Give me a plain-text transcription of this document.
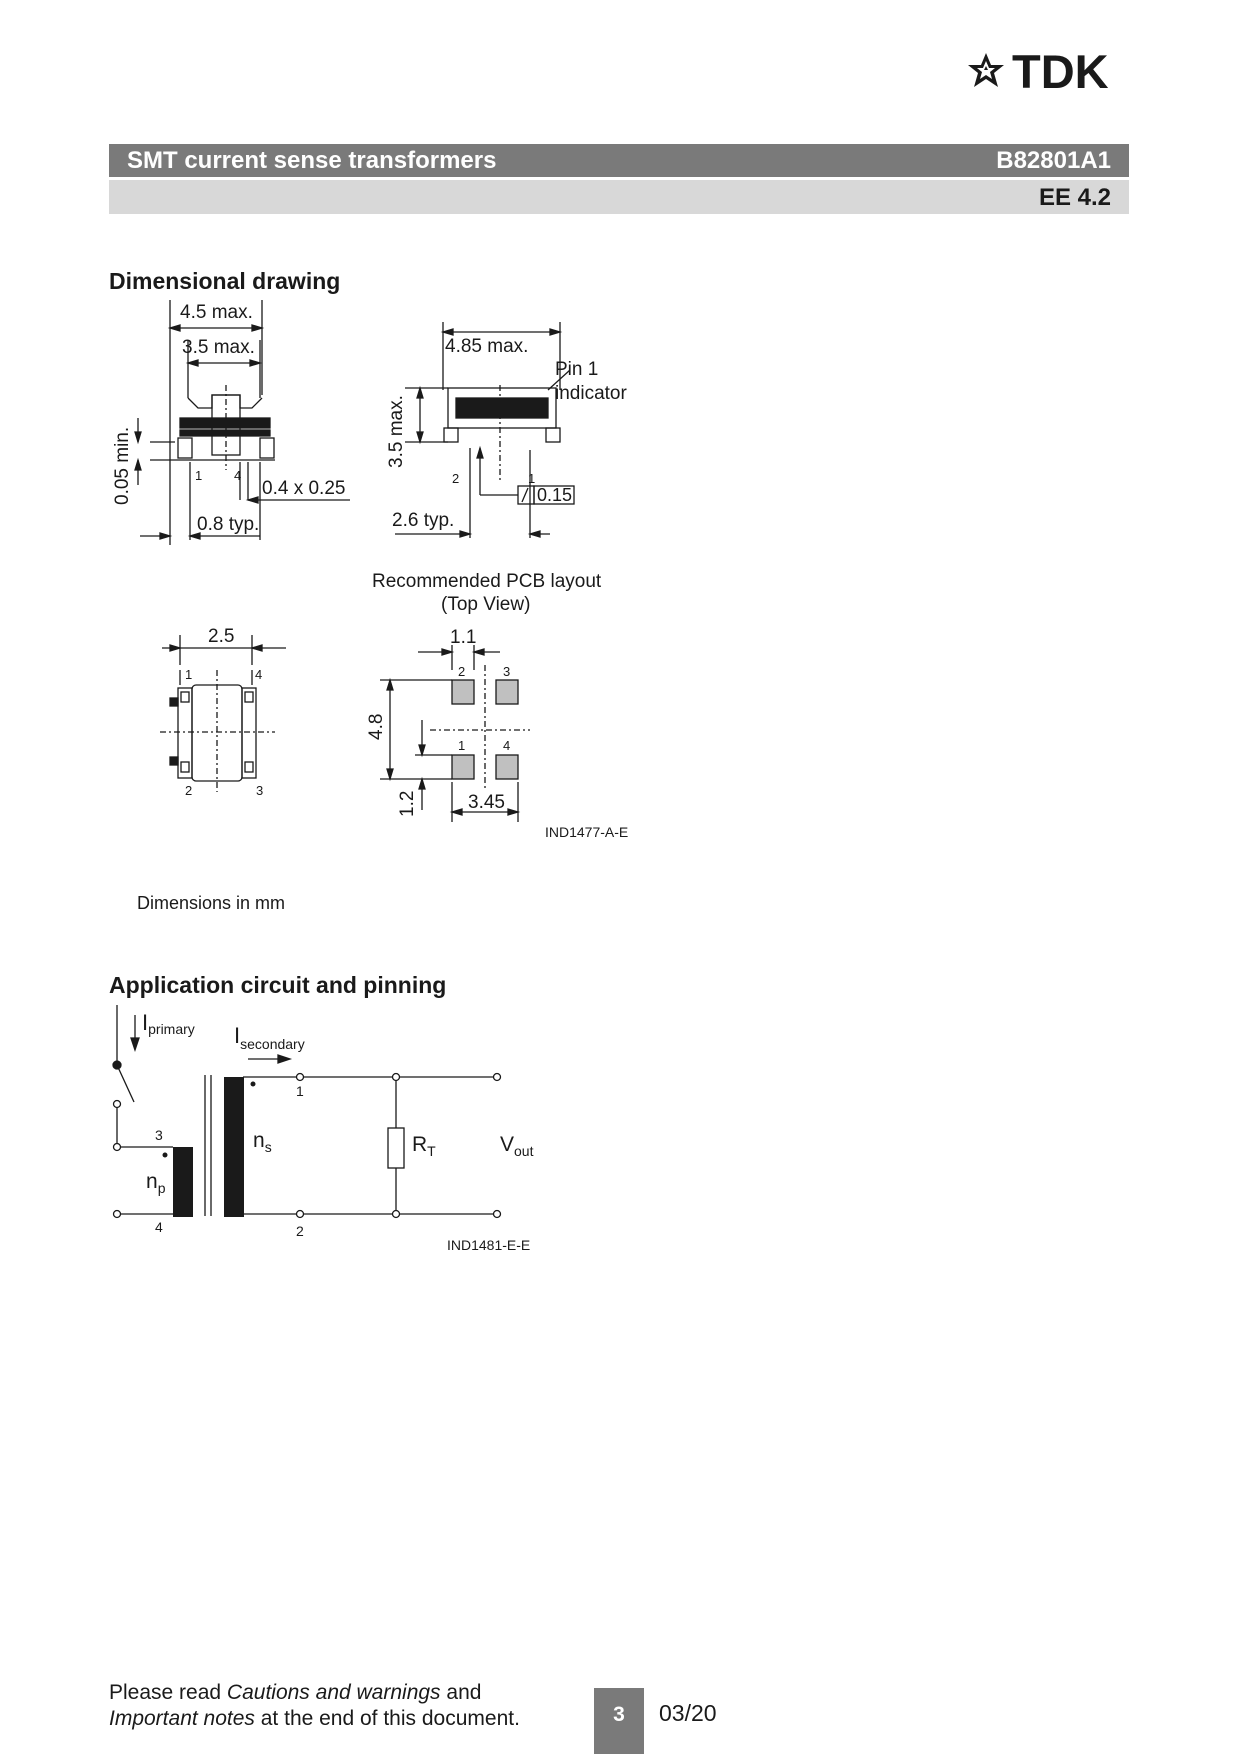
TDK
SMT current sense transformers	B82801A1
EE 4.2
Dimensional drawing
4.5 max.
3.5 max.
0.05 min.	1 4
0.4 x 0.25
0.8 typ.
4.85 max.
Pin 1
indicator
3.5 max.
2	1
0.15
2.6 typ.
Recommended PCB layout
(Top View)
2.5
1	4
2	3
1.1
2	3
1	4
4.8
1.2	3.45
IND1477-A-E
Dimensions in mm
Application circuit and pinning
Iprimary $I_{secondary}$
1
2
3
4
$n_p$
$n_s$	$R_T$	$V_{out}$
IND1481-E-E
Please read Cautions and warnings and
Important notes at the end of this document.	3	03/20
